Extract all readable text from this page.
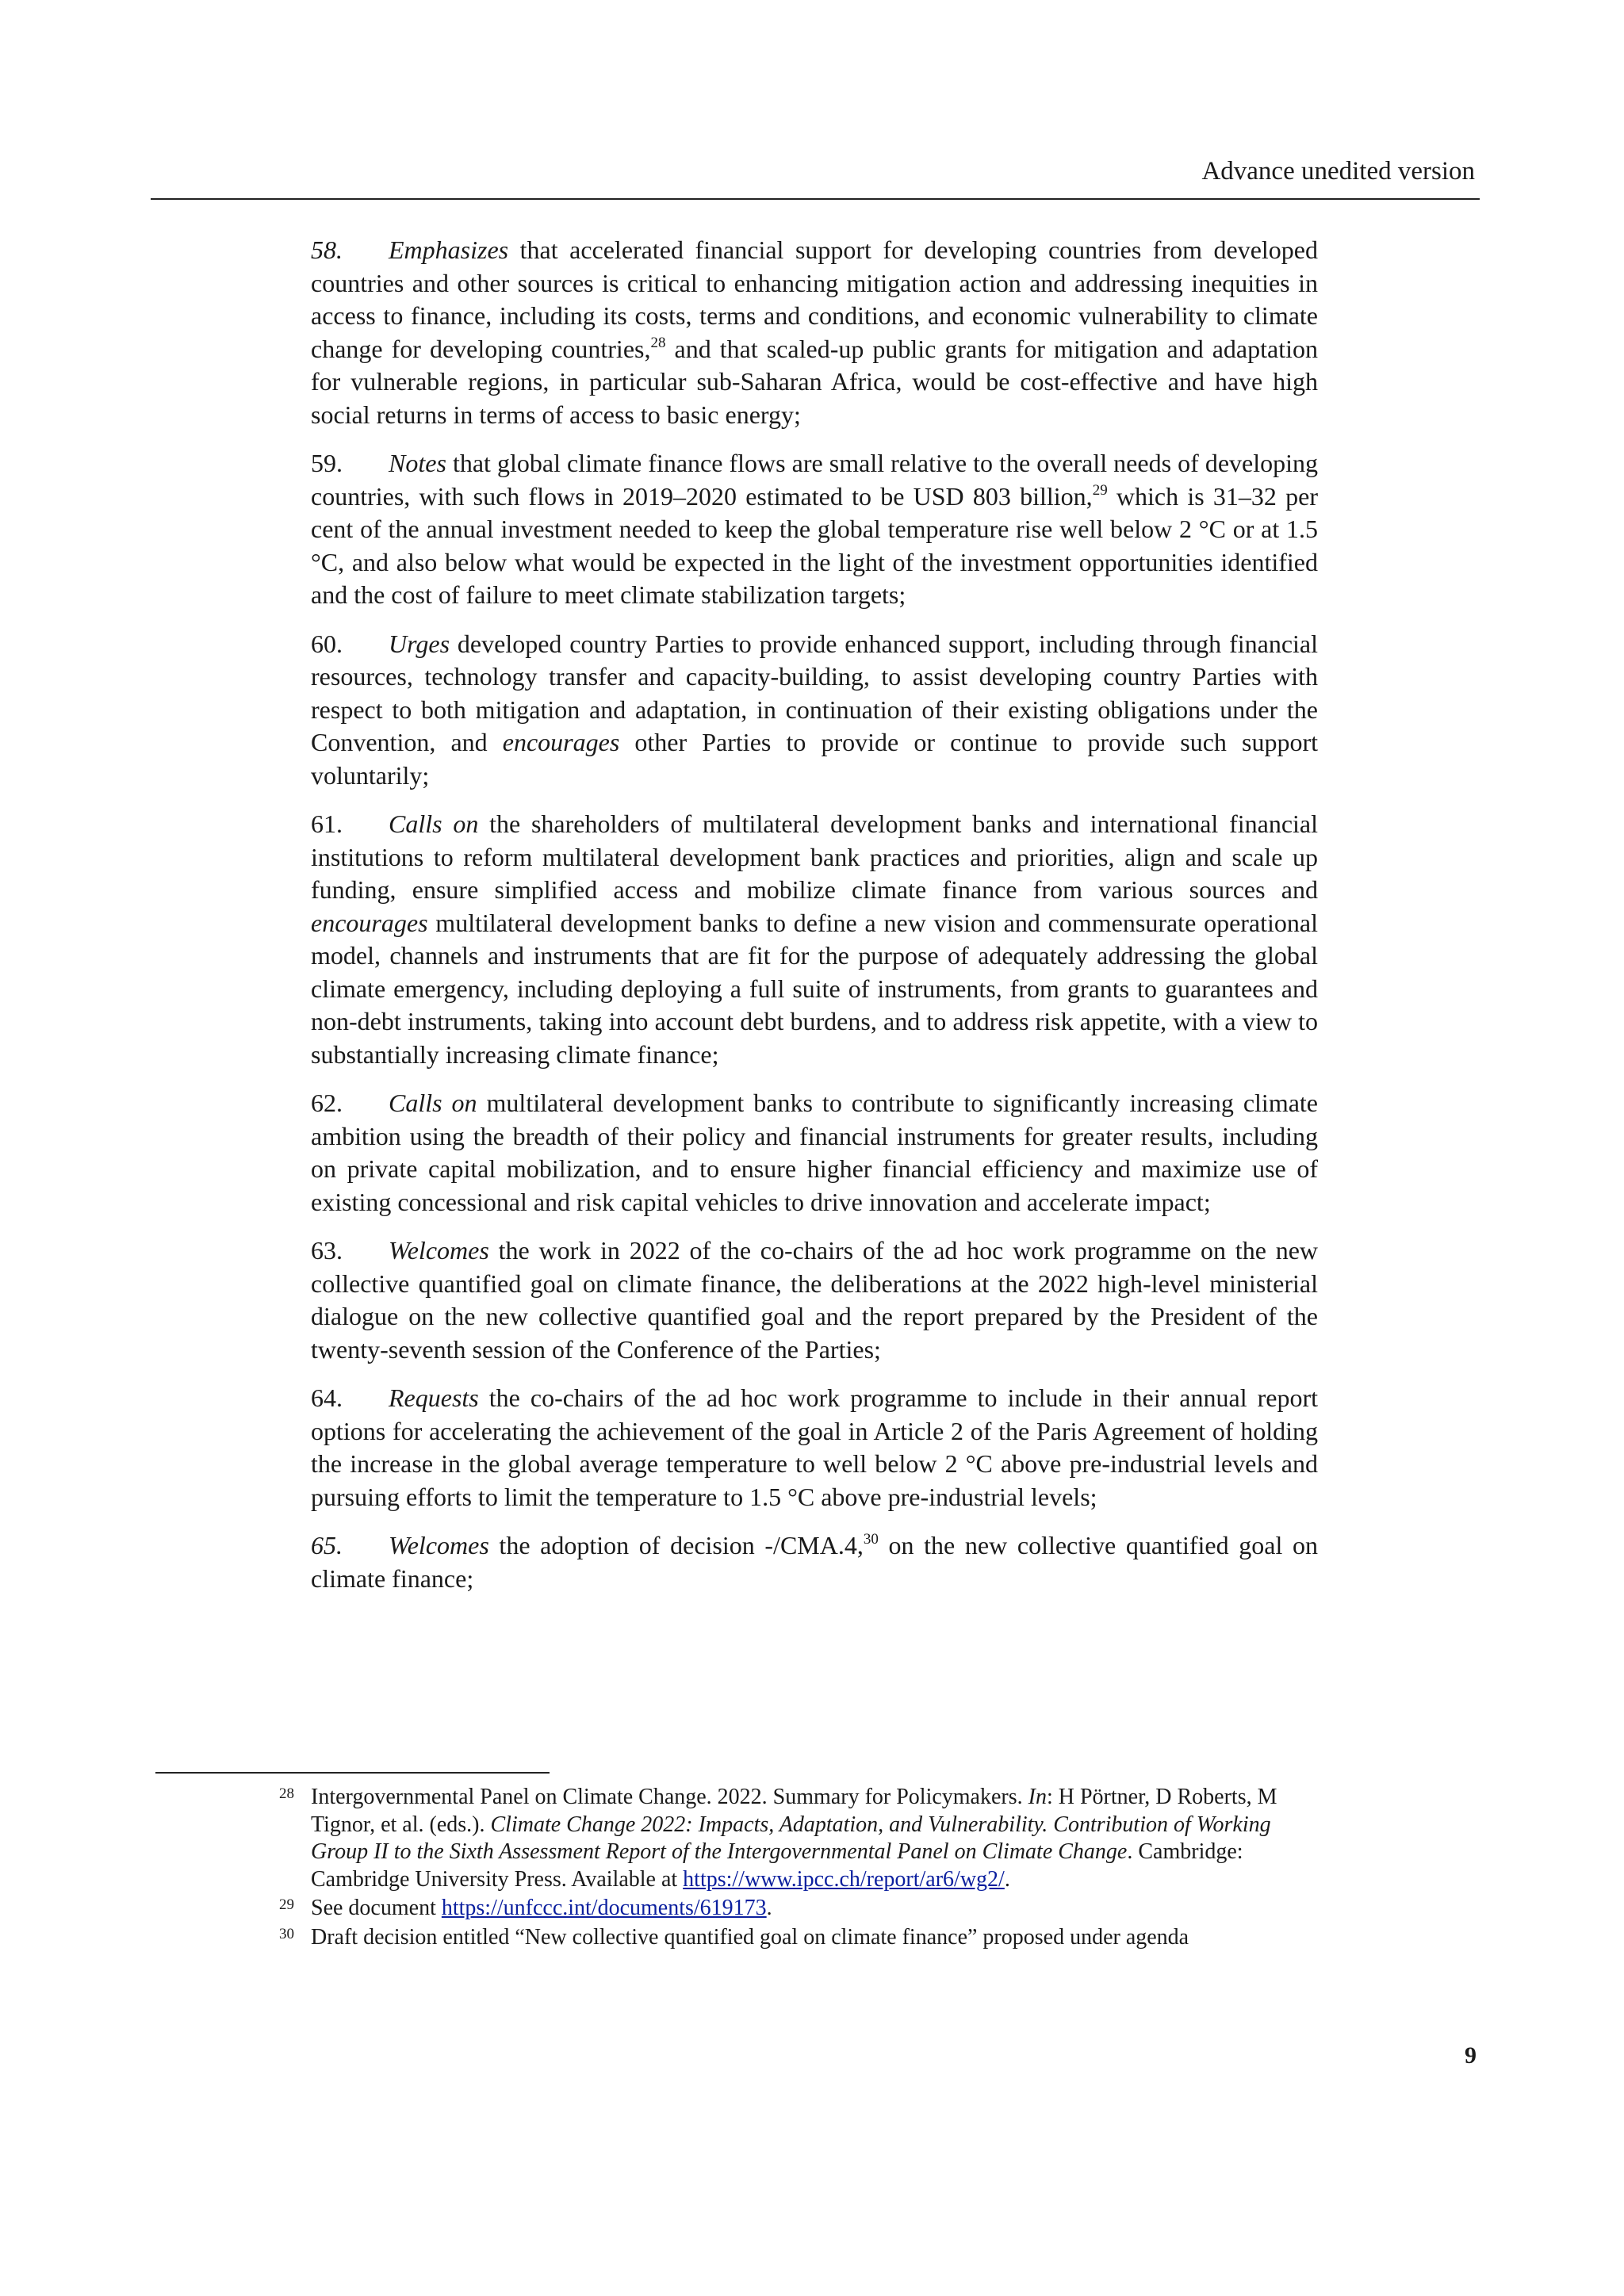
Advance unedited version

58. Emphasizes that accelerated financial support for developing countries from developed countries and other sources is critical to enhancing mitigation action and addressing inequities in access to finance, including its costs, terms and conditions, and economic vulnerability to climate change for developing countries,$^{28}$ and that scaled-up public grants for mitigation and adaptation for vulnerable regions, in particular sub-Saharan Africa, would be cost-effective and have high social returns in terms of access to basic energy;

59. Notes that global climate finance flows are small relative to the overall needs of developing countries, with such flows in 2019–2020 estimated to be USD 803 billion,$^{29}$ which is 31–32 per cent of the annual investment needed to keep the global temperature rise well below 2 °C or at 1.5 °C, and also below what would be expected in the light of the investment opportunities identified and the cost of failure to meet climate stabilization targets;

60. Urges developed country Parties to provide enhanced support, including through financial resources, technology transfer and capacity-building, to assist developing country Parties with respect to both mitigation and adaptation, in continuation of their existing obligations under the Convention, and encourages other Parties to provide or continue to provide such support voluntarily;

61. Calls on the shareholders of multilateral development banks and international financial institutions to reform multilateral development bank practices and priorities, align and scale up funding, ensure simplified access and mobilize climate finance from various sources and encourages multilateral development banks to define a new vision and commensurate operational model, channels and instruments that are fit for the purpose of adequately addressing the global climate emergency, including deploying a full suite of instruments, from grants to guarantees and non-debt instruments, taking into account debt burdens, and to address risk appetite, with a view to substantially increasing climate finance;

62. Calls on multilateral development banks to contribute to significantly increasing climate ambition using the breadth of their policy and financial instruments for greater results, including on private capital mobilization, and to ensure higher financial efficiency and maximize use of existing concessional and risk capital vehicles to drive innovation and accelerate impact;

63. Welcomes the work in 2022 of the co-chairs of the ad hoc work programme on the new collective quantified goal on climate finance, the deliberations at the 2022 high-level ministerial dialogue on the new collective quantified goal and the report prepared by the President of the twenty-seventh session of the Conference of the Parties;

64. Requests the co-chairs of the ad hoc work programme to include in their annual report options for accelerating the achievement of the goal in Article 2 of the Paris Agreement of holding the increase in the global average temperature to well below 2 °C above pre-industrial levels and pursuing efforts to limit the temperature to 1.5 °C above pre-industrial levels;

65. Welcomes the adoption of decision -/CMA.4,30 on the new collective quantified goal on climate finance;

28 Intergovernmental Panel on Climate Change. 2022. Summary for Policymakers. In: H Pörtner, D Roberts, M Tignor, et al. (eds.). Climate Change 2022: Impacts, Adaptation, and Vulnerability. Contribution of Working Group II to the Sixth Assessment Report of the Intergovernmental Panel on Climate Change. Cambridge: Cambridge University Press. Available at https://www.ipcc.ch/report/ar6/wg2/.
29 See document https://unfccc.int/documents/619173.
30 Draft decision entitled “New collective quantified goal on climate finance” proposed under agenda
9
